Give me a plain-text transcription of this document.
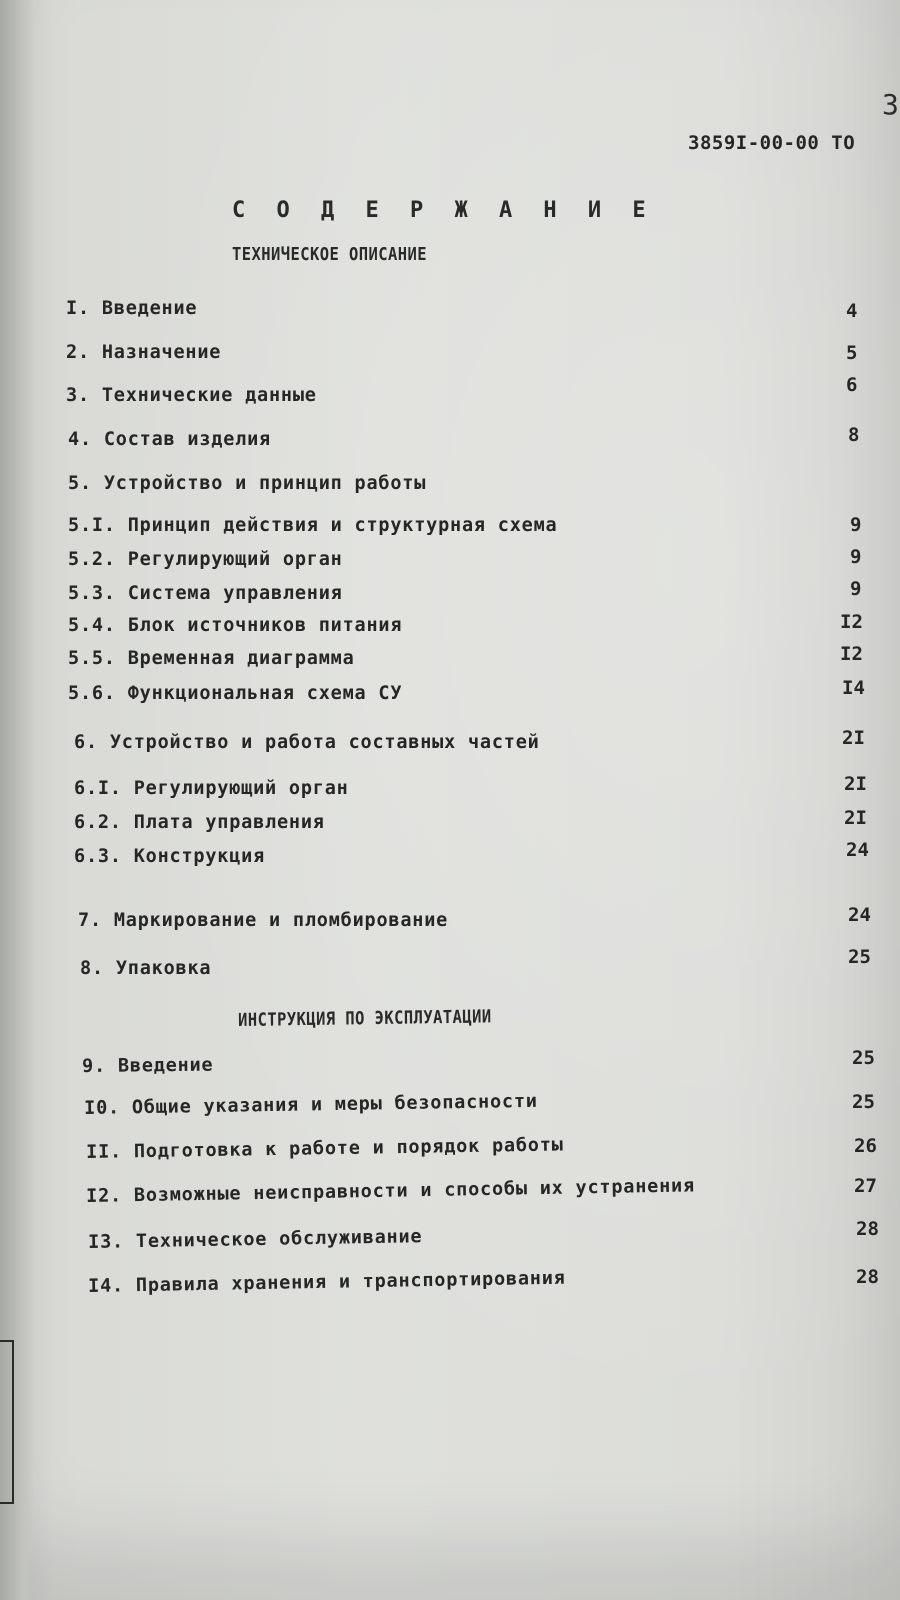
3
3859I-00-00 ТО
С О Д Е Р Ж А Н И Е
ТЕХНИЧЕСКОЕ ОПИСАНИЕ
I. Введение
2. Назначение
3. Технические данные
4. Состав изделия
5. Устройство и принцип работы
5.I. Принцип действия и структурная схема
5.2. Регулирующий орган
5.3. Система управления
5.4. Блок источников питания
5.5. Временная диаграмма
5.6. Функциональная схема СУ
6. Устройство и работа составных частей
6.I. Регулирующий орган
6.2. Плата управления
6.3. Конструкция
7. Маркирование и пломбирование
8. Упаковка
ИНСТРУКЦИЯ ПО ЭКСПЛУАТАЦИИ
9. Введение
I0. Общие указания и меры безопасности
II. Подготовка к работе и порядок работы
I2. Возможные неисправности и способы их устранения
I3. Техническое обслуживание
I4. Правила хранения и транспортирования
4
5
6
8
9
9
9
I2
I2
I4
2I
2I
2I
24
24
25
25
25
26
27
28
28
